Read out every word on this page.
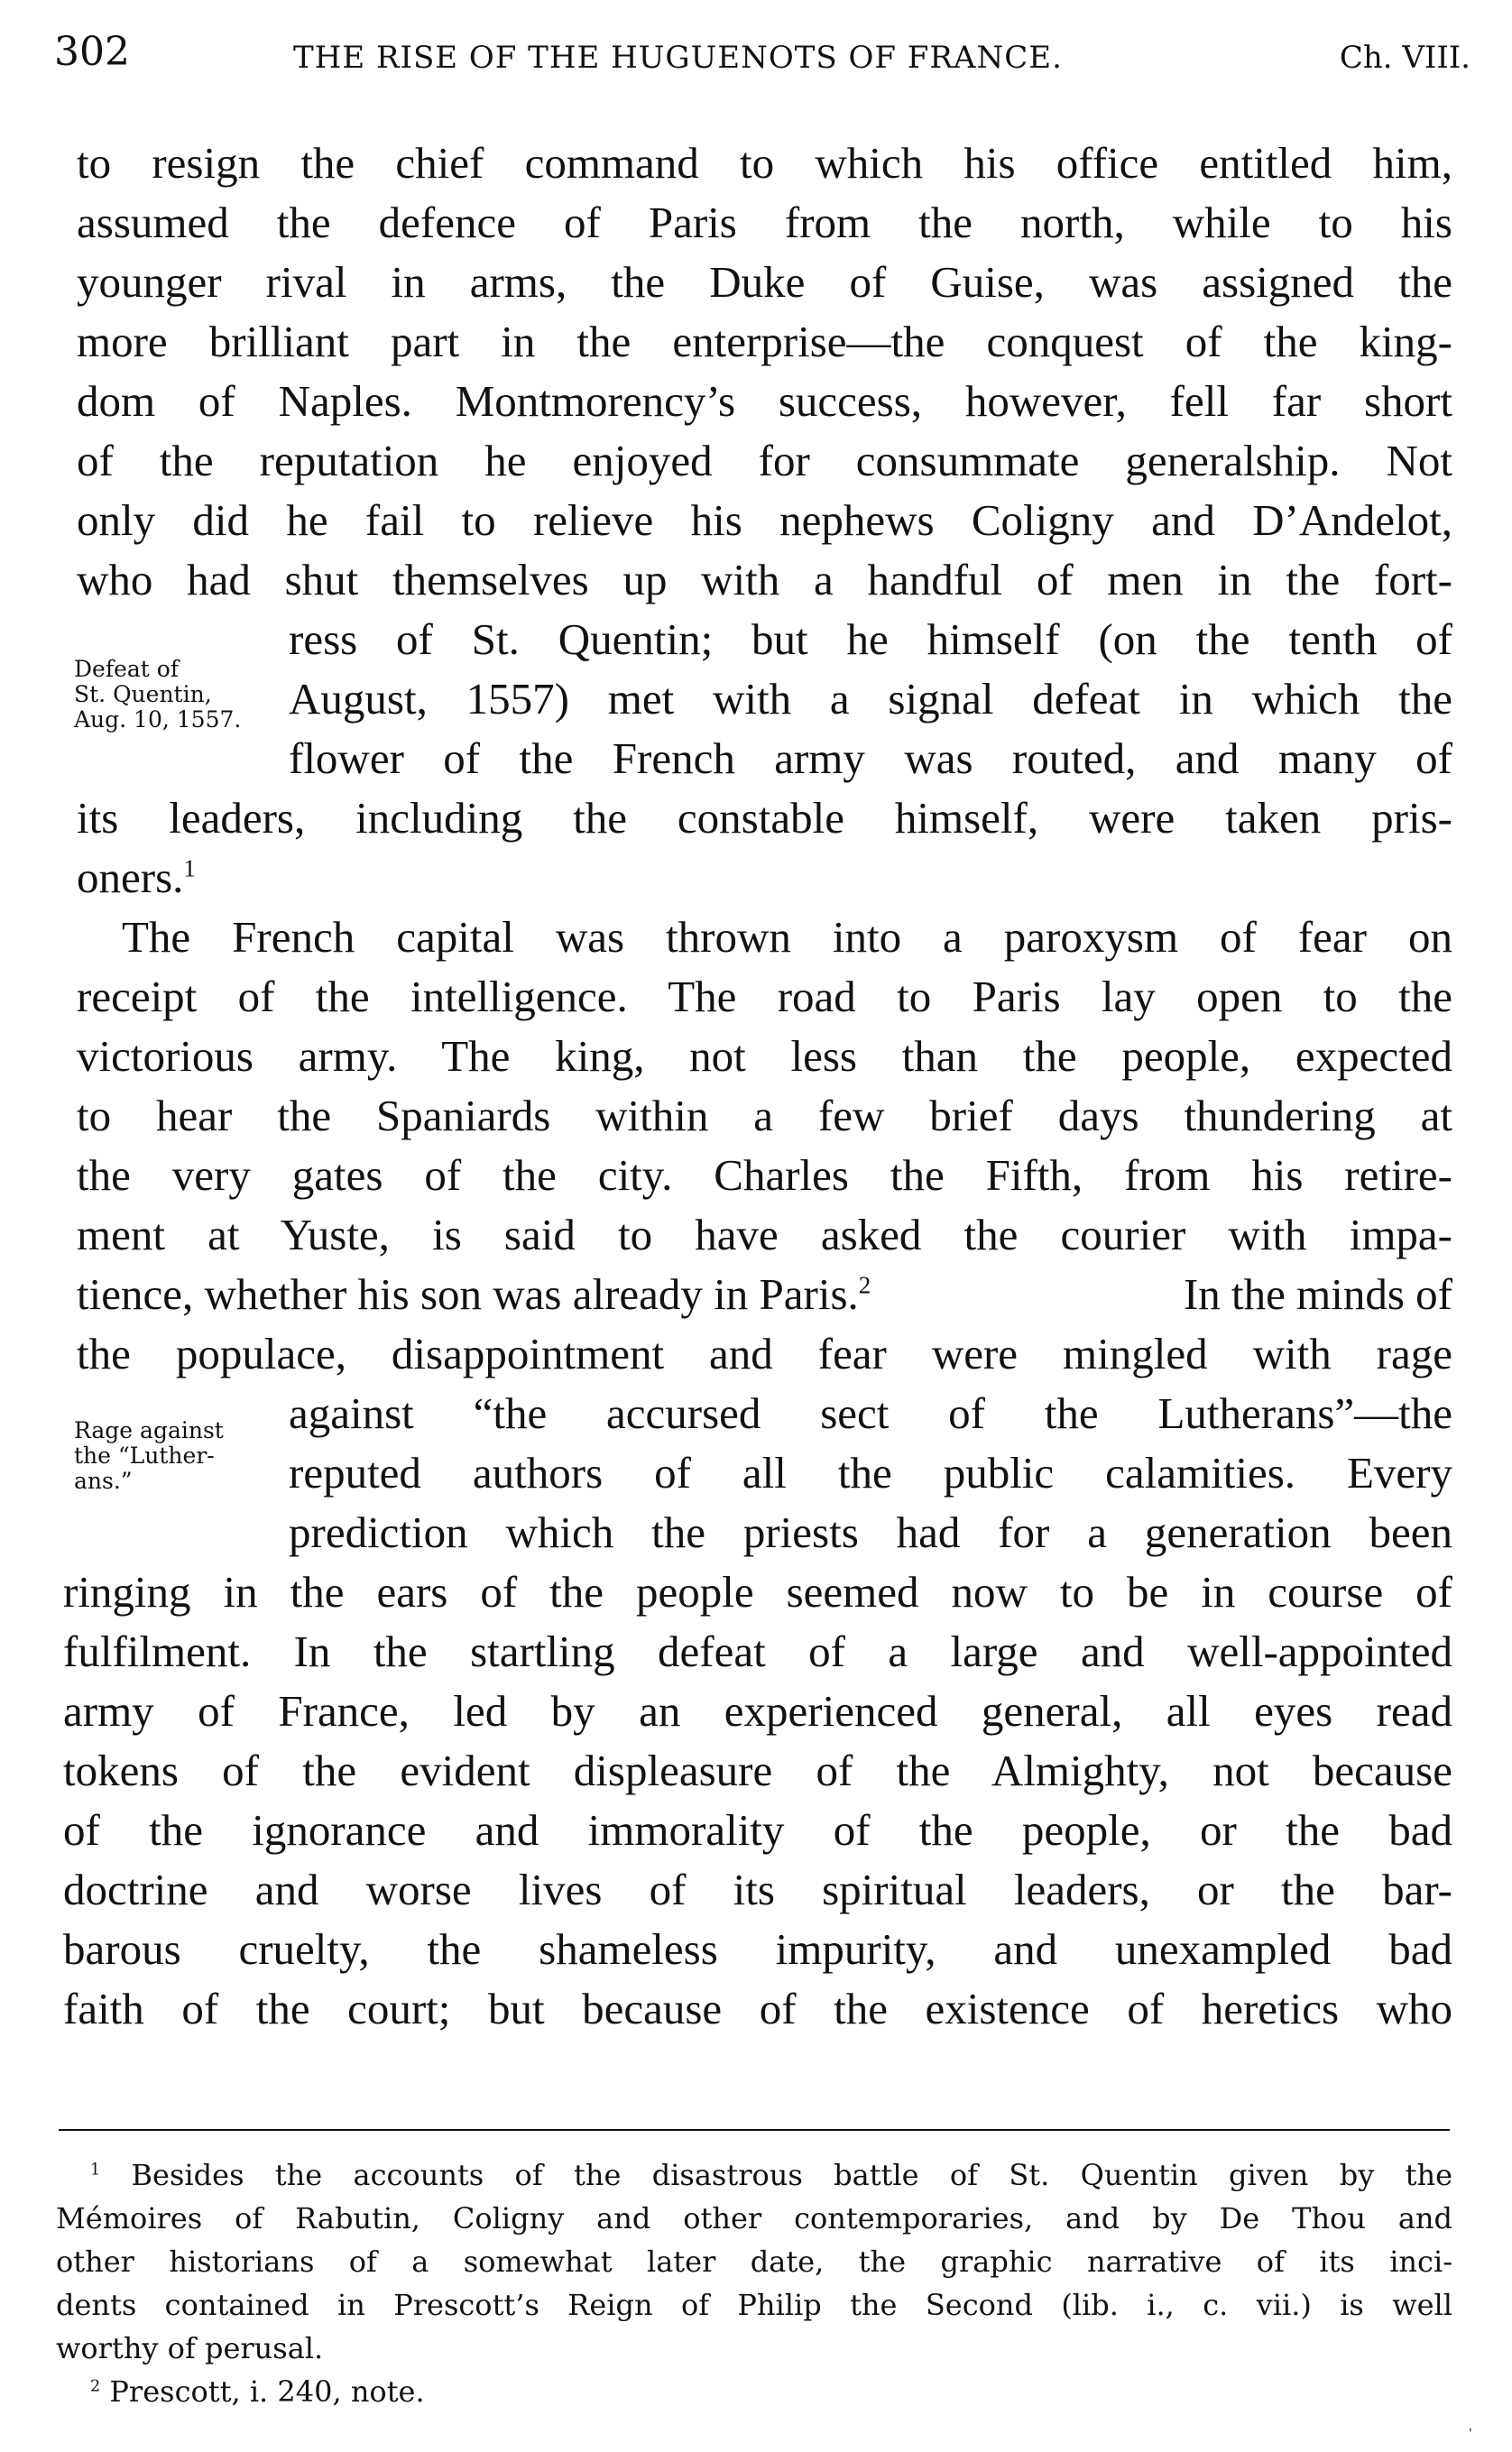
302	THE RISE OF THE HUGUENOTS OF FRANCE.	Ch. VIII.
to resign the chief command to which his office entitled him,
assumed the defence of Paris from the north, while to his
younger rival in arms, the Duke of Guise, was assigned the
more brilliant part in the enterprise—the conquest of the king-
dom of Naples. Montmorency’s success, however, fell far short
of the reputation he enjoyed for consummate generalship. Not
only did he fail to relieve his nephews Coligny and D’Andelot,
who had shut themselves up with a handful of men in the fort-
ress of St. Quentin; but he himself (on the tenth of
August, 1557) met with a signal defeat in which the
flower of the French army was routed, and many of
its leaders, including the constable himself, were taken pris-
oners.$^1$
The French capital was thrown into a paroxysm of fear on
receipt of the intelligence. The road to Paris lay open to the
victorious army. The king, not less than the people, expected
to hear the Spaniards within a few brief days thundering at
the very gates of the city. Charles the Fifth, from his retire-
ment at Yuste, is said to have asked the courier with impa-
tience, whether his son was already in Paris.$^2$	In the minds of
the populace, disappointment and fear were mingled with rage
against “the accursed sect of the Lutherans”—the
reputed authors of all the public calamities. Every
prediction which the priests had for a generation been
ringing in the ears of the people seemed now to be in course of
fulfilment. In the startling defeat of a large and well-appointed
army of France, led by an experienced general, all eyes read
tokens of the evident displeasure of the Almighty, not because
of the ignorance and immorality of the people, or the bad
doctrine and worse lives of its spiritual leaders, or the bar-
barous cruelty, the shameless impurity, and unexampled bad
faith of the court; but because of the existence of heretics who
Defeat of
St. Quentin,
Aug. 10, 1557.
Rage against
the “Luther-
ans.”
$^1$ Besides the accounts of the disastrous battle of St. Quentin given by the
Mémoires of Rabutin, Coligny and other contemporaries, and by De Thou and
other historians of a somewhat later date, the graphic narrative of its inci-
dents contained in Prescott’s Reign of Philip the Second (lib. i., c. vii.) is well
worthy of perusal.
$^2$ Prescott, i. 240, note.
'
